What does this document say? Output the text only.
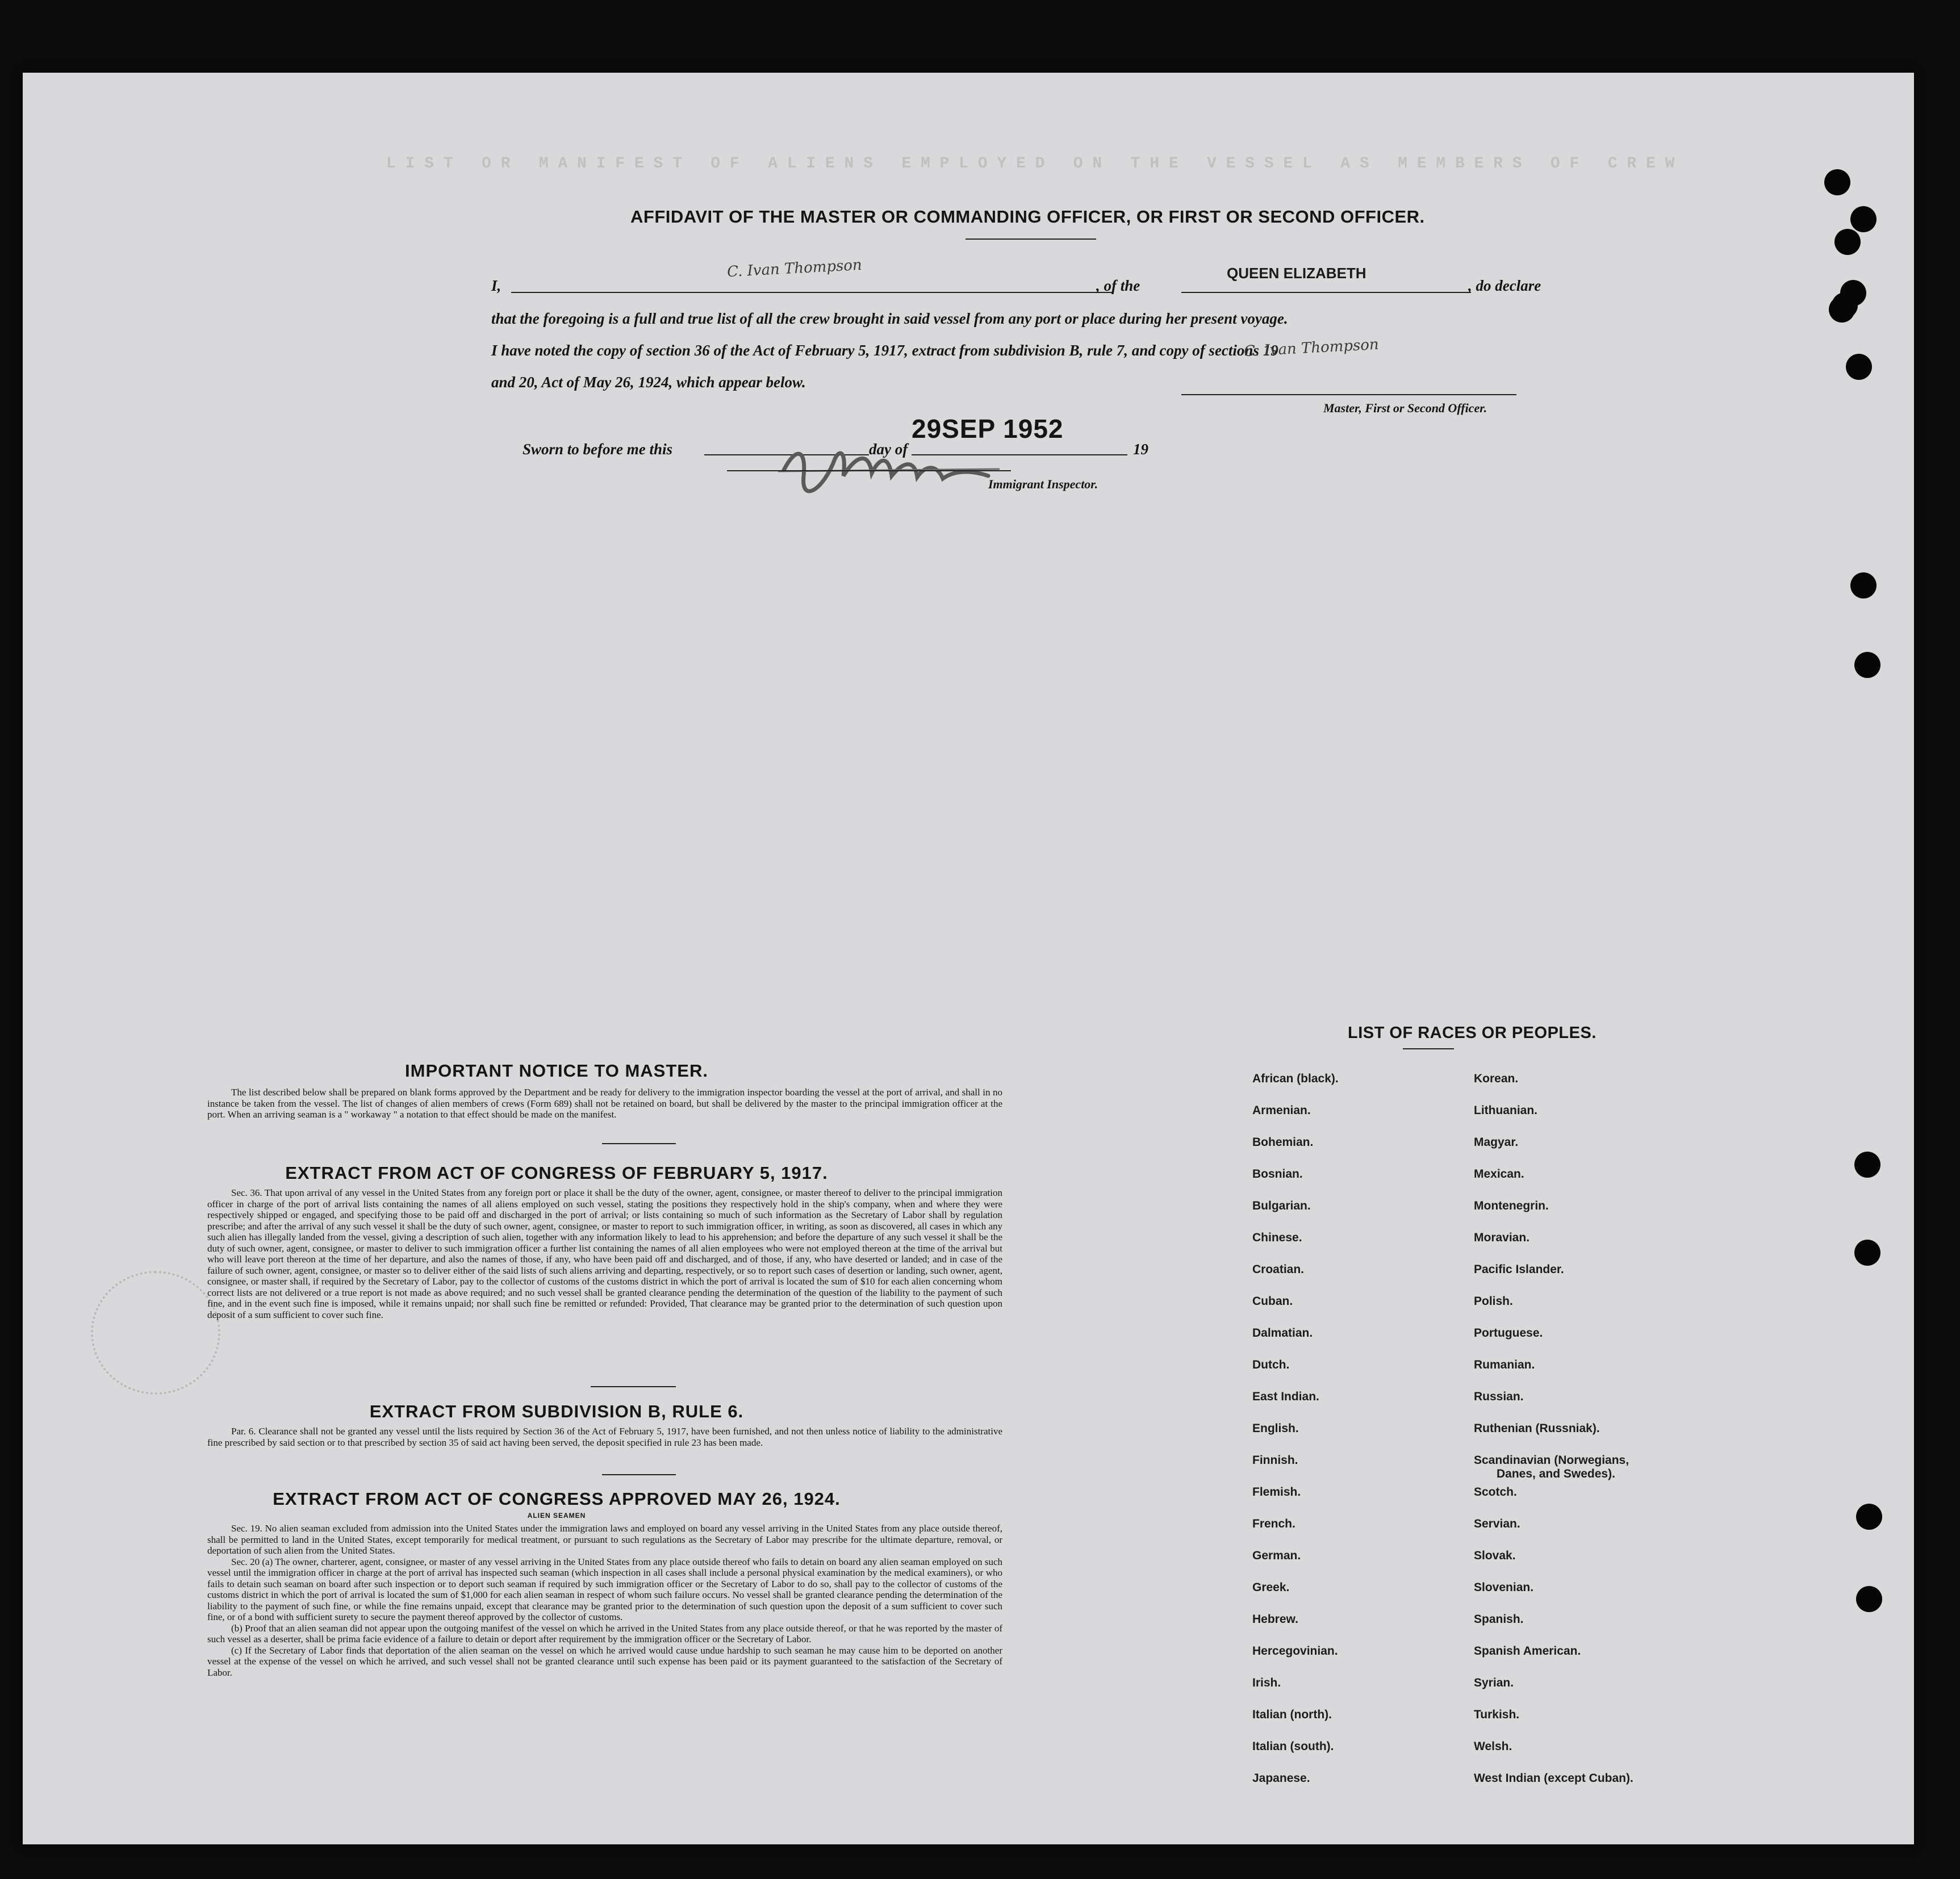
L I S T   O R   M A N I F E S T   O F   A L I E N S   E M P L O Y E D   O N   T H E   V E S S E L   A S   M E M B E R S   O F   C R E W
AFFIDAVIT OF THE MASTER OR COMMANDING OFFICER, OR FIRST OR SECOND OFFICER.
I,
C. Ivan Thompson
, of the
QUEEN ELIZABETH
, do declare
that the foregoing is a full and true list of all the crew brought in said vessel from any port or place during her present voyage.
I have noted the copy of section 36 of the Act of February 5, 1917, extract from subdivision B, rule 7, and copy of sections 19
and 20, Act of May 26, 1924, which appear below.
C. Ivan Thompson
Master, First or Second Officer.
Sworn to before me this	day of
29SEP 1952
19
Immigrant Inspector.
IMPORTANT NOTICE TO MASTER.
The list described below shall be prepared on blank forms approved by the Department and be ready for delivery to the immigration inspector boarding the vessel at the port of arrival, and shall in no instance be taken from the vessel. The list of changes of alien members of crews (Form 689) shall not be retained on board, but shall be delivered by the master to the principal immigration officer at the port. When an arriving seaman is a " workaway " a notation to that effect should be made on the manifest.
EXTRACT FROM ACT OF CONGRESS OF FEBRUARY 5, 1917.
Sec. 36. That upon arrival of any vessel in the United States from any foreign port or place it shall be the duty of the owner, agent, consignee, or master thereof to deliver to the principal immigration officer in charge of the port of arrival lists containing the names of all aliens employed on such vessel, stating the positions they respectively hold in the ship's company, when and where they were respectively shipped or engaged, and specifying those to be paid off and discharged in the port of arrival; or lists containing so much of such information as the Secretary of Labor shall by regulation prescribe; and after the arrival of any such vessel it shall be the duty of such owner, agent, consignee, or master to report to such immigration officer, in writing, as soon as discovered, all cases in which any such alien has illegally landed from the vessel, giving a description of such alien, together with any information likely to lead to his apprehension; and before the departure of any such vessel it shall be the duty of such owner, agent, consignee, or master to deliver to such immigration officer a further list containing the names of all alien employees who were not employed thereon at the time of the arrival but who will leave port thereon at the time of her departure, and also the names of those, if any, who have been paid off and discharged, and of those, if any, who have deserted or landed; and in case of the failure of such owner, agent, consignee, or master so to deliver either of the said lists of such aliens arriving and departing, respectively, or so to report such cases of desertion or landing, such owner, agent, consignee, or master shall, if required by the Secretary of Labor, pay to the collector of customs of the customs district in which the port of arrival is located the sum of $10 for each alien concerning whom correct lists are not delivered or a true report is not made as above required; and no such vessel shall be granted clearance pending the determination of the question of the liability to the payment of such fine, and in the event such fine is imposed, while it remains unpaid; nor shall such fine be remitted or refunded: Provided, That clearance may be granted prior to the determination of such question upon deposit of a sum sufficient to cover such fine.
EXTRACT FROM SUBDIVISION B, RULE 6.
Par. 6. Clearance shall not be granted any vessel until the lists required by Section 36 of the Act of February 5, 1917, have been furnished, and not then unless notice of liability to the administrative fine prescribed by said section or to that prescribed by section 35 of said act having been served, the deposit specified in rule 23 has been made.
EXTRACT FROM ACT OF CONGRESS APPROVED MAY 26, 1924.
ALIEN SEAMEN
Sec. 19. No alien seaman excluded from admission into the United States under the immigration laws and employed on board any vessel arriving in the United States from any place outside thereof, shall be permitted to land in the United States, except temporarily for medical treatment, or pursuant to such regulations as the Secretary of Labor may prescribe for the ultimate departure, removal, or deportation of such alien from the United States.
Sec. 20 (a) The owner, charterer, agent, consignee, or master of any vessel arriving in the United States from any place outside thereof who fails to detain on board any alien seaman employed on such vessel until the immigration officer in charge at the port of arrival has inspected such seaman (which inspection in all cases shall include a personal physical examination by the medical examiners), or who fails to detain such seaman on board after such inspection or to deport such seaman if required by such immigration officer or the Secretary of Labor to do so, shall pay to the collector of customs of the customs district in which the port of arrival is located the sum of $1,000 for each alien seaman in respect of whom such failure occurs. No vessel shall be granted clearance pending the determination of the liability to the payment of such fine, or while the fine remains unpaid, except that clearance may be granted prior to the determination of such question upon the deposit of a sum sufficient to cover such fine, or of a bond with sufficient surety to secure the payment thereof approved by the collector of customs.
(b) Proof that an alien seaman did not appear upon the outgoing manifest of the vessel on which he arrived in the United States from any place outside thereof, or that he was reported by the master of such vessel as a deserter, shall be prima facie evidence of a failure to detain or deport after requirement by the immigration officer or the Secretary of Labor.
(c) If the Secretary of Labor finds that deportation of the alien seaman on the vessel on which he arrived would cause undue hardship to such seaman he may cause him to be deported on another vessel at the expense of the vessel on which he arrived, and such vessel shall not be granted clearance until such expense has been paid or its payment guaranteed to the satisfaction of the Secretary of Labor.
LIST OF RACES OR PEOPLES.
African (black).
Armenian.
Bohemian.
Bosnian.
Bulgarian.
Chinese.
Croatian.
Cuban.
Dalmatian.
Dutch.
East Indian.
English.
Finnish.
Flemish.
French.
German.
Greek.
Hebrew.
Hercegovinian.
Irish.
Italian (north).
Italian (south).
Japanese.
Korean.
Lithuanian.
Magyar.
Mexican.
Montenegrin.
Moravian.
Pacific Islander.
Polish.
Portuguese.
Rumanian.
Russian.
Ruthenian (Russniak).
Scandinavian (Norwegians,
Danes, and Swedes).
Scotch.
Servian.
Slovak.
Slovenian.
Spanish.
Spanish American.
Syrian.
Turkish.
Welsh.
West Indian (except Cuban).
